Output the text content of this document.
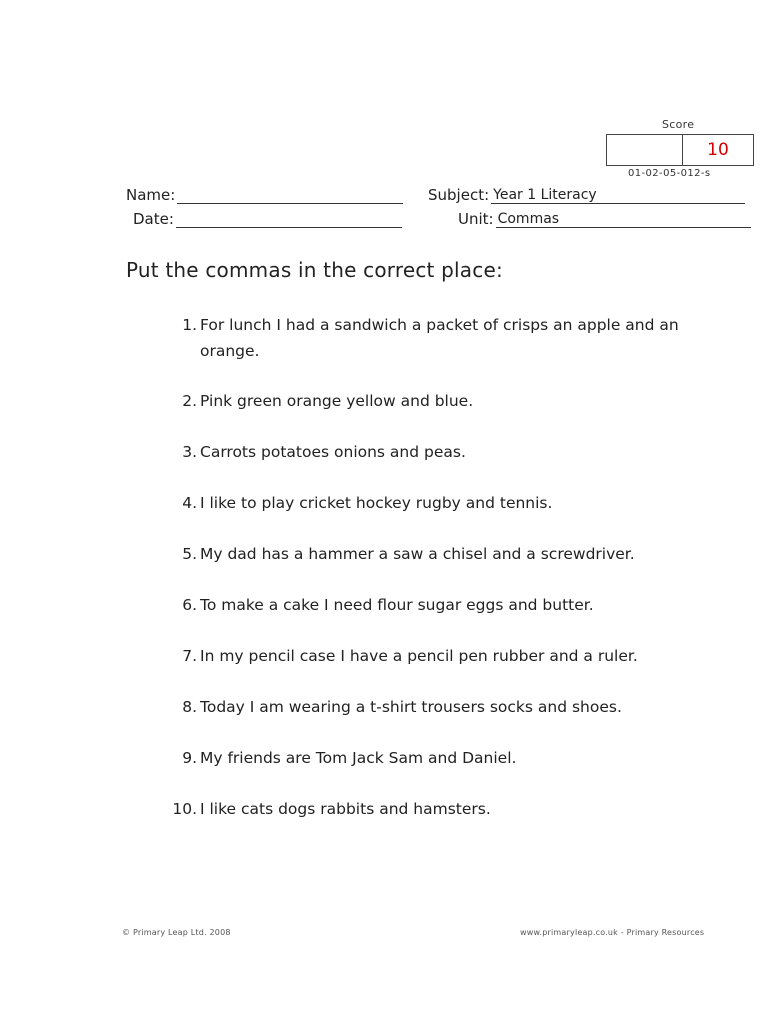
Score
10
01-02-05-012-s
Name:
Date:
Subject: Year 1 Literacy
Unit: Commas
Put the commas in the correct place:
1. For lunch I had a sandwich a packet of crisps an apple and an orange.
2. Pink green orange yellow and blue.
3. Carrots potatoes onions and peas.
4. I like to play cricket hockey rugby and tennis.
5. My dad has a hammer a saw a chisel and a screwdriver.
6. To make a cake I need flour sugar eggs and butter.
7. In my pencil case I have a pencil pen rubber and a ruler.
8. Today I am wearing a t-shirt trousers socks and shoes.
9. My friends are Tom Jack Sam and Daniel.
10. I like cats dogs rabbits and hamsters.
© Primary Leap Ltd. 2008	www.primaryleap.co.uk - Primary Resources
